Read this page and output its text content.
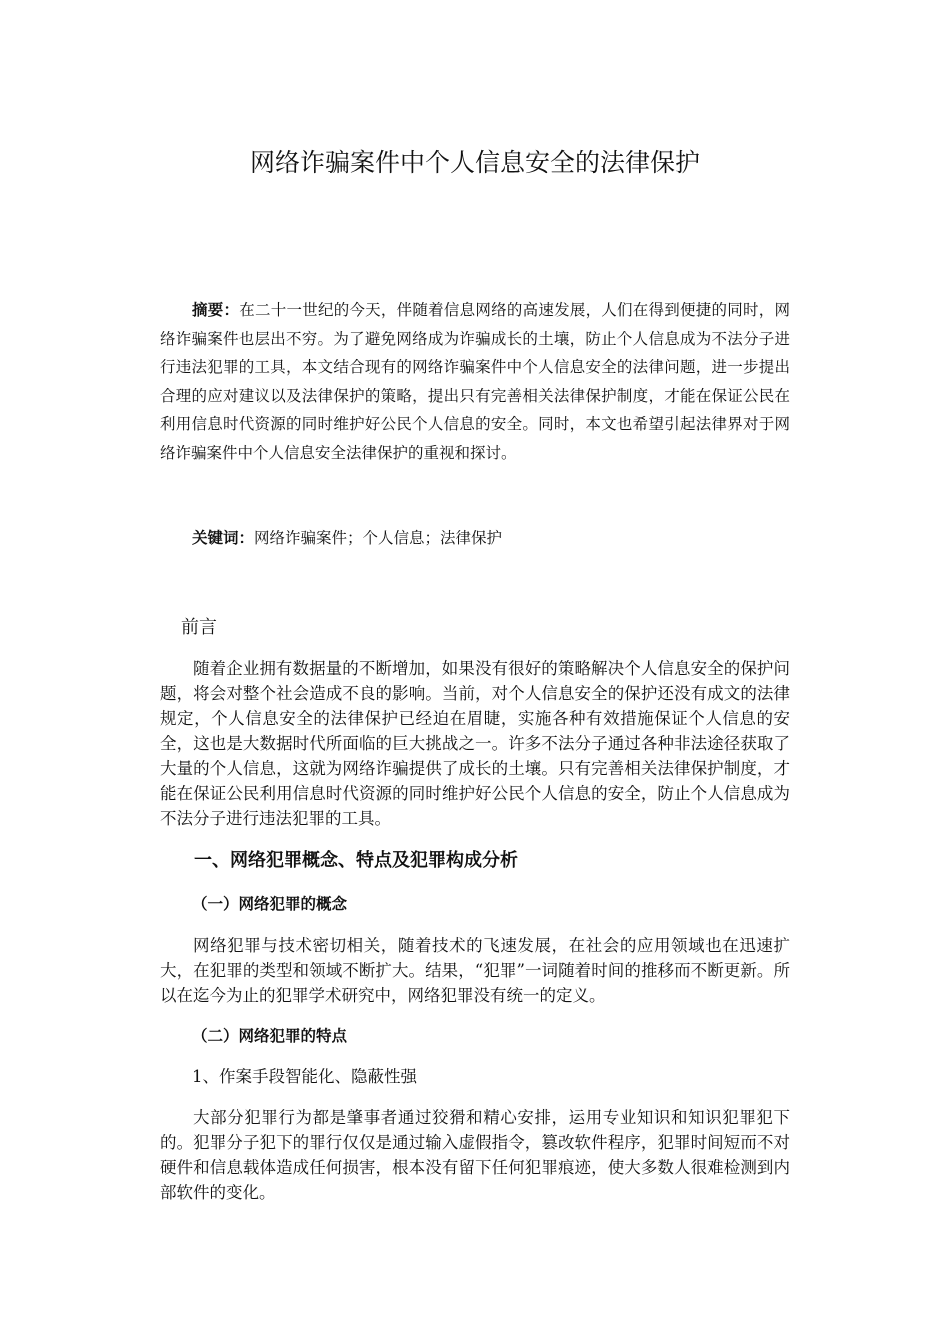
网络诈骗案件中个人信息安全的法律保护

摘要：在二十一世纪的今天，伴随着信息网络的高速发展，人们在得到便捷的同时，网络诈骗案件也层出不穷。为了避免网络成为诈骗成长的土壤，防止个人信息成为不法分子进行违法犯罪的工具，本文结合现有的网络诈骗案件中个人信息安全的法律问题，进一步提出合理的应对建议以及法律保护的策略，提出只有完善相关法律保护制度，才能在保证公民在利用信息时代资源的同时维护好公民个人信息的安全。同时，本文也希望引起法律界对于网络诈骗案件中个人信息安全法律保护的重视和探讨。

关键词：网络诈骗案件；个人信息；法律保护

前言

随着企业拥有数据量的不断增加，如果没有很好的策略解决个人信息安全的保护问题，将会对整个社会造成不良的影响。当前，对个人信息安全的保护还没有成文的法律规定，个人信息安全的法律保护已经迫在眉睫，实施各种有效措施保证个人信息的安全，这也是大数据时代所面临的巨大挑战之一。许多不法分子通过各种非法途径获取了大量的个人信息，这就为网络诈骗提供了成长的土壤。只有完善相关法律保护制度，才能在保证公民利用信息时代资源的同时维护好公民个人信息的安全，防止个人信息成为不法分子进行违法犯罪的工具。

一、网络犯罪概念、特点及犯罪构成分析
（一）网络犯罪的概念

网络犯罪与技术密切相关，随着技术的飞速发展，在社会的应用领域也在迅速扩大，在犯罪的类型和领域不断扩大。结果，“犯罪”一词随着时间的推移而不断更新。所以在迄今为止的犯罪学术研究中，网络犯罪没有统一的定义。

（二）网络犯罪的特点
1、作案手段智能化、隐蔽性强

大部分犯罪行为都是肇事者通过狡猾和精心安排，运用专业知识和知识犯罪犯下的。犯罪分子犯下的罪行仅仅是通过输入虚假指令，篡改软件程序，犯罪时间短而不对硬件和信息载体造成任何损害，根本没有留下任何犯罪痕迹，使大多数人很难检测到内部软件的变化。
